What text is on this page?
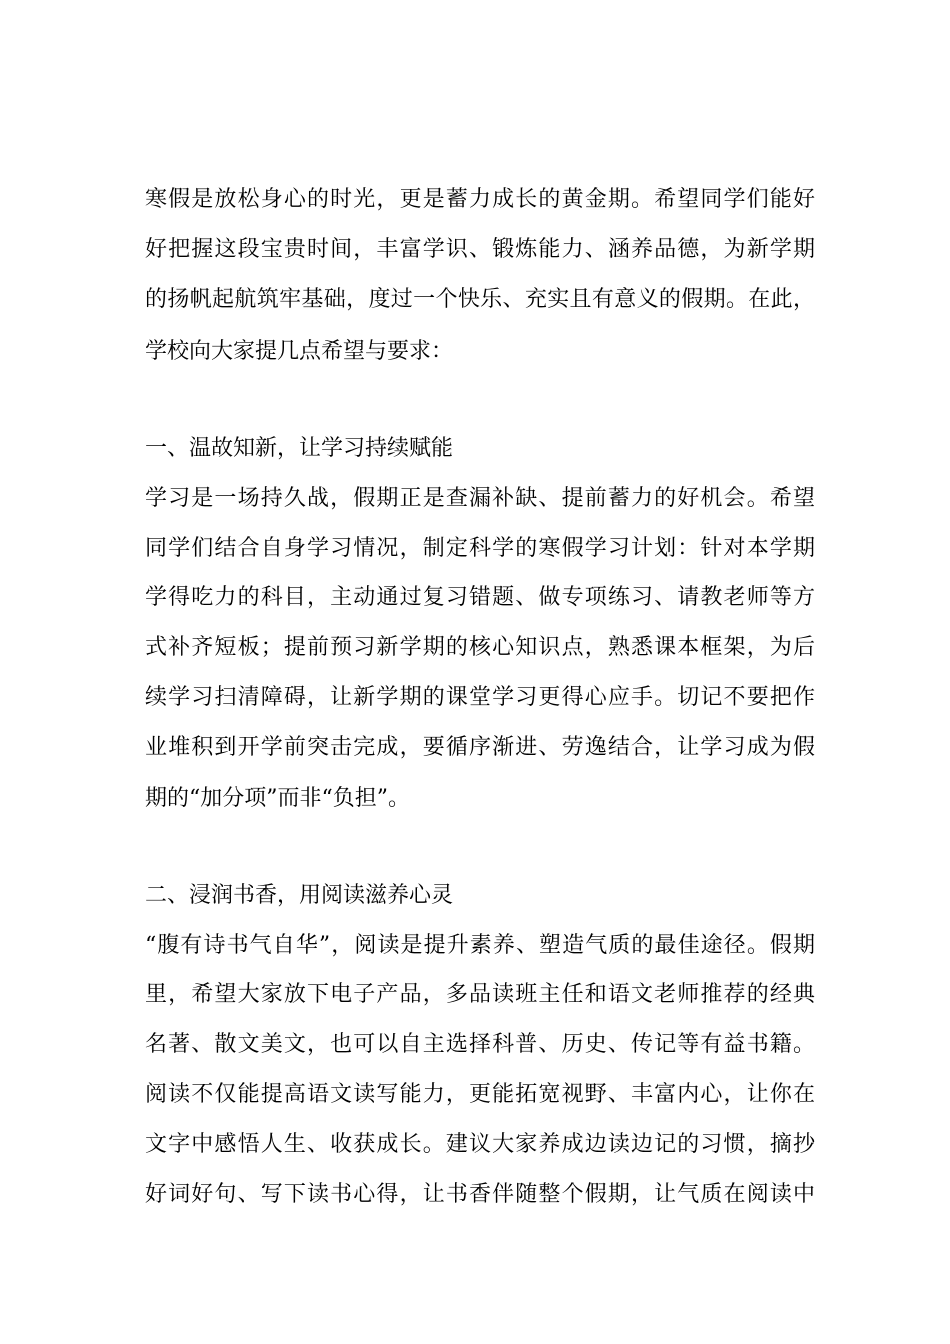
寒假是放松身心的时光，更是蓄力成长的黄金期。希望同学们能好
好把握这段宝贵时间，丰富学识、锻炼能力、涵养品德，为新学期
的扬帆起航筑牢基础，度过一个快乐、充实且有意义的假期。在此，
学校向大家提几点希望与要求：
一、温故知新，让学习持续赋能
学习是一场持久战，假期正是查漏补缺、提前蓄力的好机会。希望
同学们结合自身学习情况，制定科学的寒假学习计划：针对本学期
学得吃力的科目，主动通过复习错题、做专项练习、请教老师等方
式补齐短板；提前预习新学期的核心知识点，熟悉课本框架，为后
续学习扫清障碍，让新学期的课堂学习更得心应手。切记不要把作
业堆积到开学前突击完成，要循序渐进、劳逸结合，让学习成为假
期的“加分项”而非“负担”。
二、浸润书香，用阅读滋养心灵
“腹有诗书气自华”，阅读是提升素养、塑造气质的最佳途径。假期
里，希望大家放下电子产品，多品读班主任和语文老师推荐的经典
名著、散文美文，也可以自主选择科普、历史、传记等有益书籍。
阅读不仅能提高语文读写能力，更能拓宽视野、丰富内心，让你在
文字中感悟人生、收获成长。建议大家养成边读边记的习惯，摘抄
好词好句、写下读书心得，让书香伴随整个假期，让气质在阅读中
